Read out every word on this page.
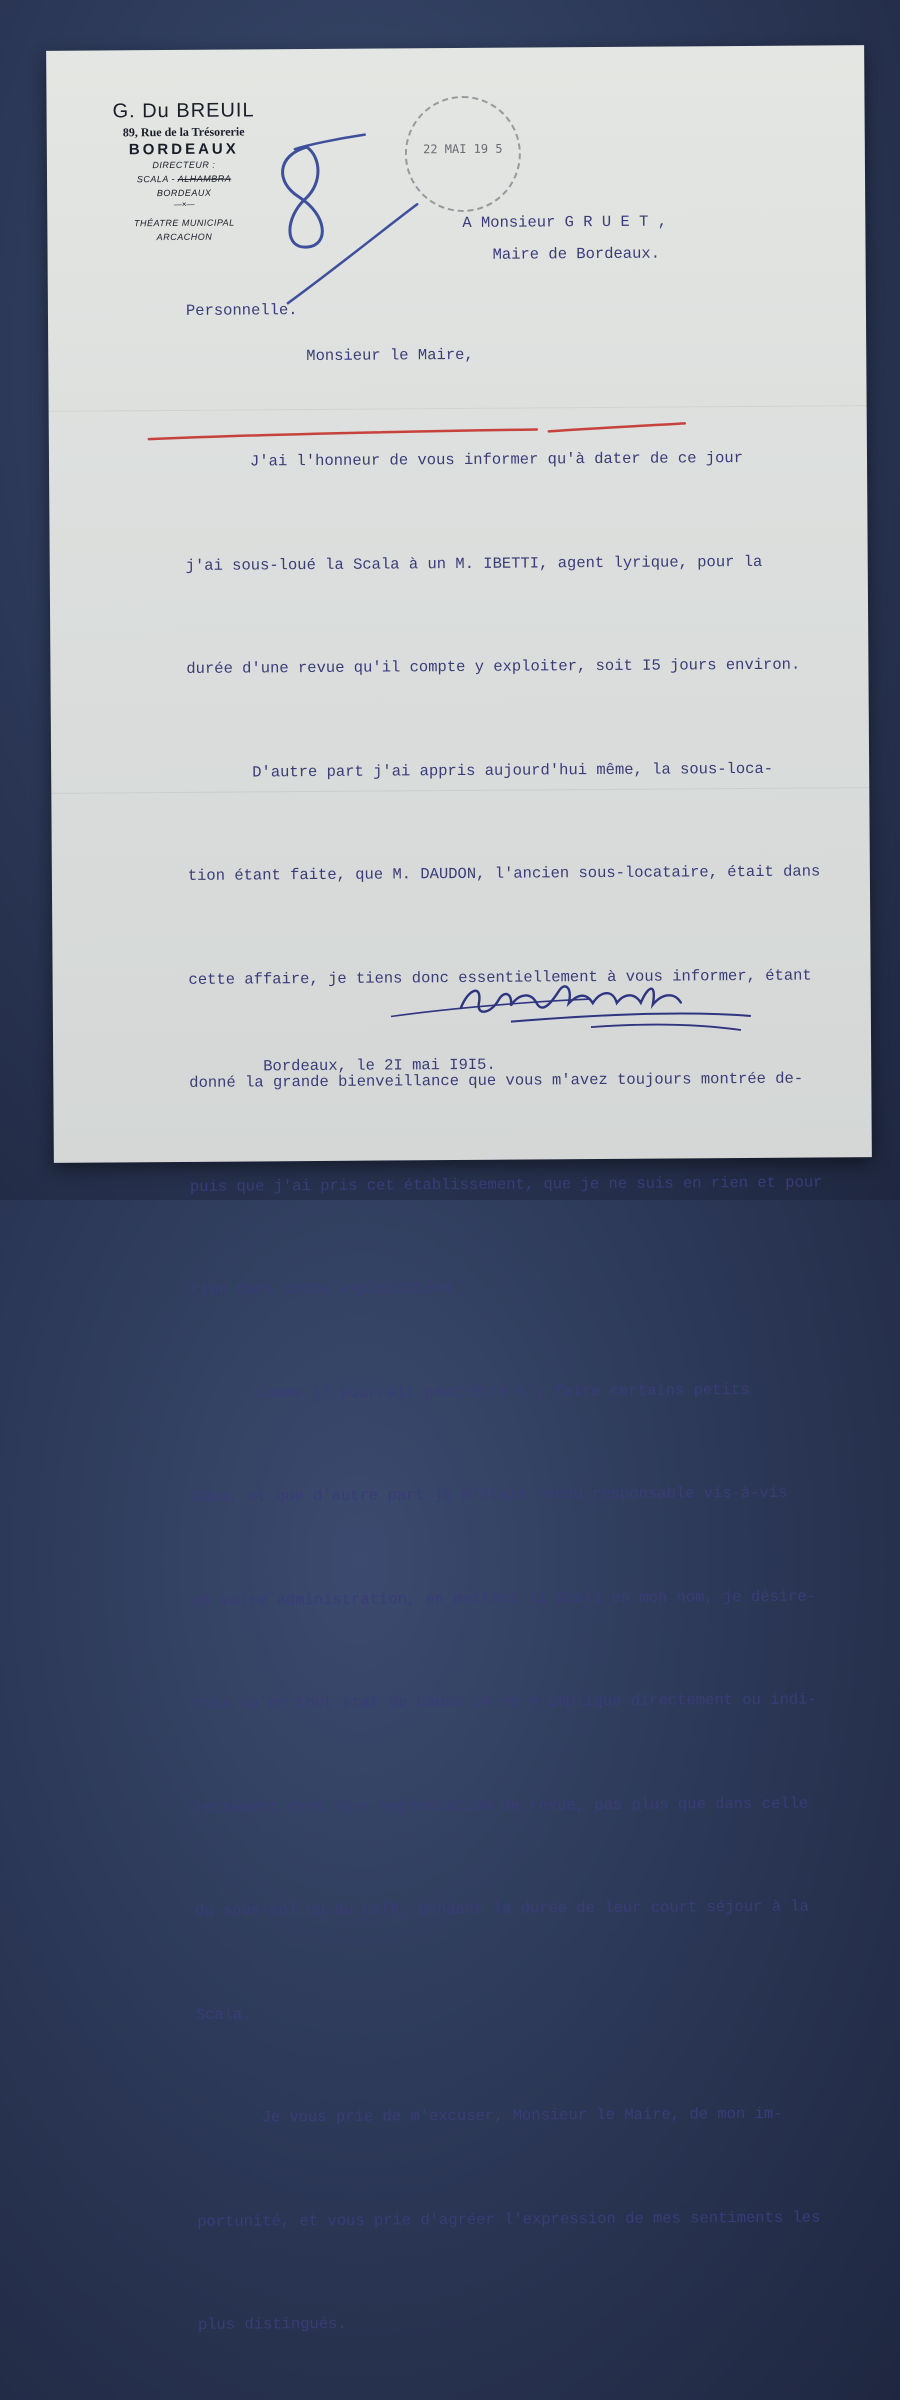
G. Du BREUIL
89, Rue de la Trésorerie
BORDEAUX
DIRECTEUR :
SCALA - ALHAMBRA
BORDEAUX
—×—
THÉATRE MUNICIPAL
ARCACHON
22 MAI 19 5
A Monsieur G R U E T ,
Maire de Bordeaux.
Personnelle.
Monsieur le Maire,

J'ai l'honneur de vous informer qu'à dater de ce jour

j'ai sous-loué la Scala à un M. IBETTI, agent lyrique, pour la

durée d'une revue qu'il compte y exploiter, soit I5 jours environ.

D'autre part j'ai appris aujourd'hui même, la sous-loca-

tion étant faite, que M. DAUDON, l'ancien sous-locataire, était dans

cette affaire, je tiens donc essentiellement à vous informer, étant

donné la grande bienveillance que vous m'avez toujours montrée de-

puis que j'ai pris cet établissement, que je ne suis en rien et pour

rien dans cette exploitation.

Comme il pourrait peut-être s'y faire certains petits

abus, et que d'autre part je m'étais rendu responsable vis-à-vis

de votre administration, en mettant la Scala en mon nom, je désire-

rais qu'en tout état de cause on ne m'implique directement ou indi-

rectement dans leur exploitation de revue, pas plus que dans celle

du sous-sol ou du café, pendant la durée de leur court séjour à la

Scala.

Je vous prie de m'excuser, Monsieur le Maire, de mon im-

portunité, et vous prie d'agréer l'expression de mes sentiments les

plus distingués.

Bordeaux, le 2I mai I9I5.
